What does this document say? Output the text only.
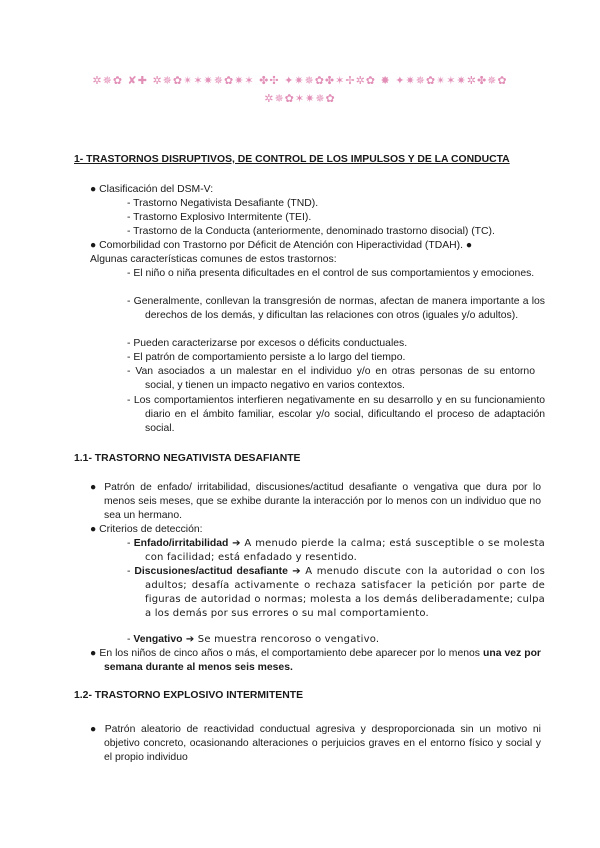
✲✵✿ ✘✚ ✲✵✿✴✶✷✵✿✷✶ ✤✣ ✦✷✵✿✤✶✢✲✿ ✸ ✦✷✵✿✴✶✷✲✤✵✿ ✲✵✿✶✷✵✿
1- TRASTORNOS DISRUPTIVOS, DE CONTROL DE LOS IMPULSOS Y DE LA CONDUCTA
● Clasificación del DSM-V:
- Trastorno Negativista Desafiante (TND).
- Trastorno Explosivo Intermitente (TEI).
- Trastorno de la Conducta (anteriormente, denominado trastorno disocial) (TC).
● Comorbilidad con Trastorno por Déficit de Atención con Hiperactividad (TDAH). ●
Algunas características comunes de estos trastornos:
- El niño o niña presenta dificultades en el control de sus comportamientos y emociones.
- Generalmente, conllevan la transgresión de normas, afectan de manera importante a los derechos de los demás, y dificultan las relaciones con otros (iguales y/o adultos).
- Pueden caracterizarse por excesos o déficits conductuales.
- El patrón de comportamiento persiste a lo largo del tiempo.
- Van asociados a un malestar en el individuo y/o en otras personas de su entorno social, y tienen un impacto negativo en varios contextos.
- Los comportamientos interfieren negativamente en su desarrollo y en su funcionamiento diario en el ámbito familiar, escolar y/o social, dificultando el proceso de adaptación social.
1.1- TRASTORNO NEGATIVISTA DESAFIANTE
● Patrón de enfado/ irritabilidad, discusiones/actitud desafiante o vengativa que dura por lo menos seis meses, que se exhibe durante la interacción por lo menos con un individuo que no sea un hermano.
● Criterios de detección:
- Enfado/irritabilidad ➔ A menudo pierde la calma; está susceptible o se molesta con facilidad; está enfadado y resentido.
- Discusiones/actitud desafiante ➔ A menudo discute con la autoridad o con los adultos; desafía activamente o rechaza satisfacer la petición por parte de figuras de autoridad o normas; molesta a los demás deliberadamente; culpa a los demás por sus errores o su mal comportamiento.
- Vengativo ➔ Se muestra rencoroso o vengativo.
● En los niños de cinco años o más, el comportamiento debe aparecer por lo menos una vez por semana durante al menos seis meses.
1.2- TRASTORNO EXPLOSIVO INTERMITENTE
● Patrón aleatorio de reactividad conductual agresiva y desproporcionada sin un motivo ni objetivo concreto, ocasionando alteraciones o perjuicios graves en el entorno físico y social y el propio individuo
